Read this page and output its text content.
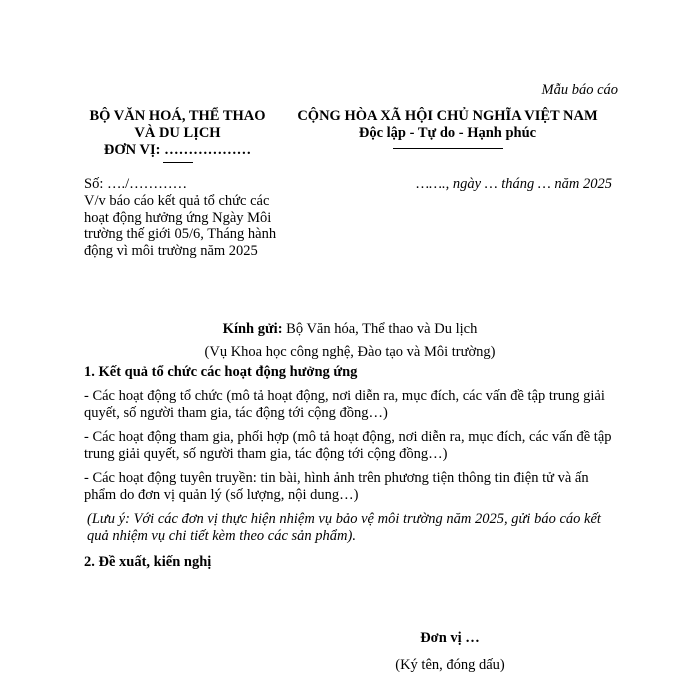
Mẫu báo cáo
BỘ VĂN HOÁ, THỂ THAO
VÀ DU LỊCH
ĐƠN VỊ: ………………
CỘNG HÒA XÃ HỘI CHỦ NGHĨA VIỆT NAM
Độc lập - Tự do - Hạnh phúc
Số: …./…………
V/v báo cáo kết quả tổ chức các hoạt động hưởng ứng Ngày Môi trường thế giới 05/6, Tháng hành động vì môi trường năm 2025
……., ngày … tháng … năm 2025
Kính gửi: Bộ Văn hóa, Thể thao và Du lịch
(Vụ Khoa học công nghệ, Đào tạo và Môi trường)

1. Kết quả tổ chức các hoạt động hưởng ứng

- Các hoạt động tổ chức (mô tả hoạt động, nơi diễn ra, mục đích, các vấn đề tập trung giải quyết, số người tham gia, tác động tới cộng đồng…)

- Các hoạt động tham gia, phối hợp (mô tả hoạt động, nơi diễn ra, mục đích, các vấn đề tập trung giải quyết, số người tham gia, tác động tới cộng đồng…)

- Các hoạt động tuyên truyền: tin bài, hình ảnh trên phương tiện thông tin điện tử và ấn phẩm do đơn vị quản lý (số lượng, nội dung…)

(Lưu ý: Với các đơn vị thực hiện nhiệm vụ bảo vệ môi trường năm 2025, gửi báo cáo kết quả nhiệm vụ chi tiết kèm theo các sản phẩm).

2. Đề xuất, kiến nghị

Đơn vị …
(Ký tên, đóng dấu)
